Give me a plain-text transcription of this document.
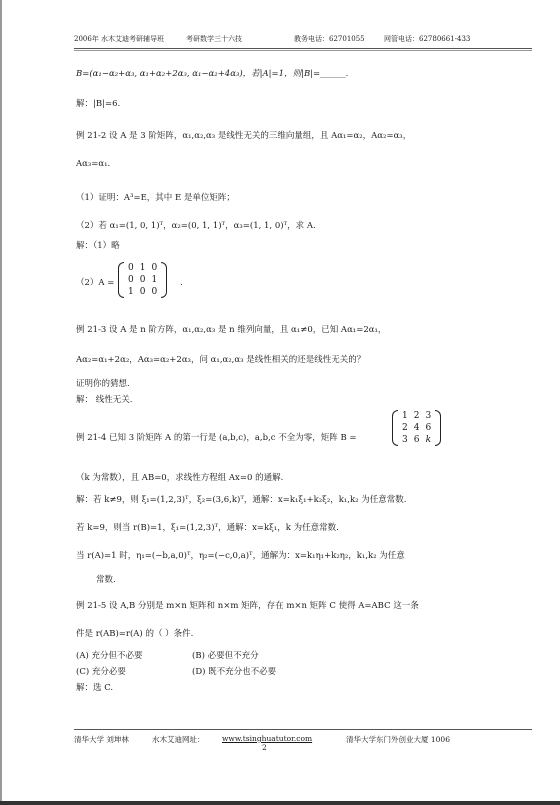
2006年 水木艾迪考研辅导班	考研数学三十六技	教务电话：62701055	网管电话：62780661-433
B=(α₁−α₂+α₃, α₁+α₂+2α₃, α₁−α₂+4α₃)，若|A|=1，则|B|=______.
解：|B|=6.
例 21-2 设 A 是 3 阶矩阵，α₁,α₂,α₃ 是线性无关的三维向量组，且 Aα₁=α₂，Aα₂=α₃，
Aα₃=α₁.
（1）证明：A³=E，其中 E 是单位矩阵；
（2）若 α₁=(1, 0, 1)ᵀ，α₂=(0, 1, 1)ᵀ，α₃=(1, 1, 0)ᵀ，求 A.
解：（1）略
（2）A =
0	1	0
0	0	1
1	0	0
.
例 21-3 设 A 是 n 阶方阵，α₁,α₂,α₃ 是 n 维列向量，且 α₁≠0，已知 Aα₁=2α₁，
Aα₂=α₁+2α₂，Aα₃=α₂+2α₃，问 α₁,α₂,α₃ 是线性相关的还是线性无关的？
证明你的猜想.
解： 线性无关.
例 21-4 已知 3 阶矩阵 A 的第一行是 (a,b,c)，a,b,c 不全为零，矩阵 B =
1	2	3
2	4	6
3	6	k
（k 为常数），且 AB=0，求线性方程组 Ax=0 的通解.
解：若 k≠9，则 ξ₁=(1,2,3)ᵀ，ξ₂=(3,6,k)ᵀ，通解：x=k₁ξ₁+k₂ξ₂，k₁,k₂ 为任意常数.
若 k=9，则当 r(B)=1，ξ₁=(1,2,3)ᵀ，通解：x=kξ₁，k 为任意常数.
当 r(A)=1 时，η₁=(−b,a,0)ᵀ，η₂=(−c,0,a)ᵀ，通解为：x=k₁η₁+k₂η₂，k₁,k₂ 为任意
常数.
例 21-5 设 A,B 分别是 m×n 矩阵和 n×m 矩阵，存在 m×n 矩阵 C 使得 A=ABC 这一条
件是 r(AB)=r(A) 的（ ）条件.
(A) 充分但不必要	(B) 必要但不充分
(C) 充分必要	(D) 既不充分也不必要
解：选 C.
清华大学 刘坤林	水木艾迪网址： www.tsinghuatutor.com	清华大学东门外创业大厦 1006
2
